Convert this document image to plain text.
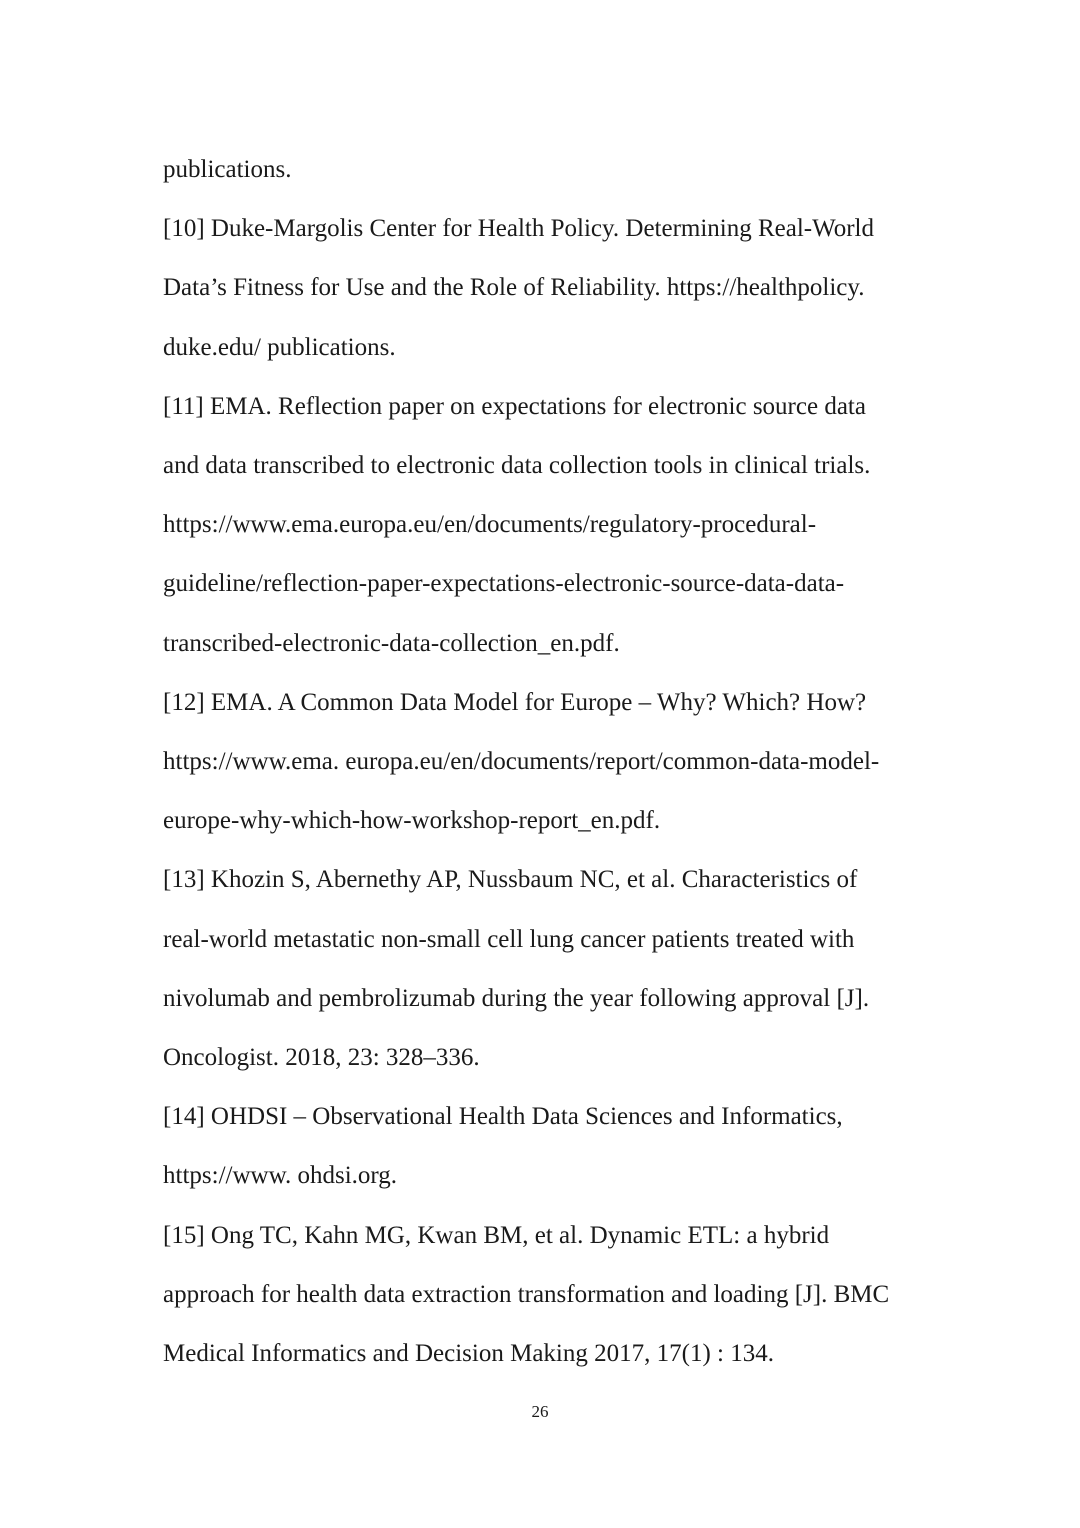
publications.
[10] Duke-Margolis Center for Health Policy. Determining Real-World
Data’s Fitness for Use and the Role of Reliability. https://healthpolicy.
duke.edu/ publications.
[11] EMA. Reflection paper on expectations for electronic source data
and data transcribed to electronic data collection tools in clinical trials.
https://www.ema.europa.eu/en/documents/regulatory-procedural-
guideline/reflection-paper-expectations-electronic-source-data-data-
transcribed-electronic-data-collection_en.pdf.
[12] EMA. A Common Data Model for Europe – Why? Which? How?
https://www.ema. europa.eu/en/documents/report/common-data-model-
europe-why-which-how-workshop-report_en.pdf.
[13] Khozin S, Abernethy AP, Nussbaum NC, et al. Characteristics of
real-world metastatic non-small cell lung cancer patients treated with
nivolumab and pembrolizumab during the year following approval [J].
Oncologist. 2018, 23: 328–336.
[14] OHDSI – Observational Health Data Sciences and Informatics,
https://www. ohdsi.org.
[15] Ong TC, Kahn MG, Kwan BM, et al. Dynamic ETL: a hybrid
approach for health data extraction transformation and loading [J]. BMC
Medical Informatics and Decision Making 2017, 17(1) : 134.
26
